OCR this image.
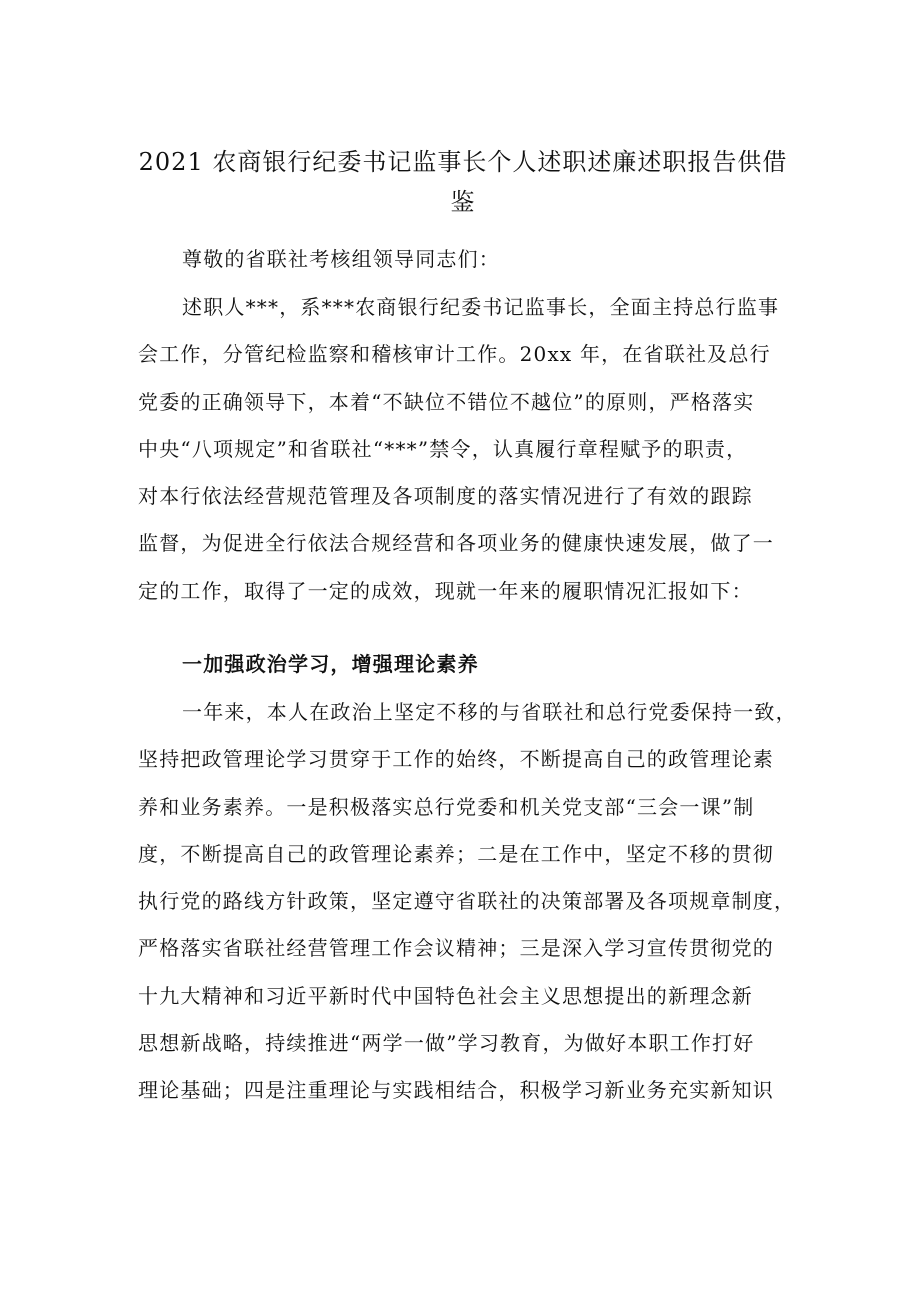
2021 农商银行纪委书记监事长个人述职述廉述职报告供借
鉴
尊敬的省联社考核组领导同志们：
述职人***，系***农商银行纪委书记监事长，全面主持总行监事
会工作，分管纪检监察和稽核审计工作。20xx 年，在省联社及总行
党委的正确领导下，本着“不缺位不错位不越位”的原则，严格落实
中央“八项规定”和省联社“***”禁令，认真履行章程赋予的职责，
对本行依法经营规范管理及各项制度的落实情况进行了有效的跟踪
监督，为促进全行依法合规经营和各项业务的健康快速发展，做了一
定的工作，取得了一定的成效，现就一年来的履职情况汇报如下：
一加强政治学习，增强理论素养
一年来，本人在政治上坚定不移的与省联社和总行党委保持一致，
坚持把政管理论学习贯穿于工作的始终，不断提高自己的政管理论素
养和业务素养。一是积极落实总行党委和机关党支部“三会一课”制
度，不断提高自己的政管理论素养；二是在工作中，坚定不移的贯彻
执行党的路线方针政策，坚定遵守省联社的决策部署及各项规章制度，
严格落实省联社经营管理工作会议精神；三是深入学习宣传贯彻党的
十九大精神和习近平新时代中国特色社会主义思想提出的新理念新
思想新战略，持续推进“两学一做”学习教育，为做好本职工作打好
理论基础；四是注重理论与实践相结合，积极学习新业务充实新知识
